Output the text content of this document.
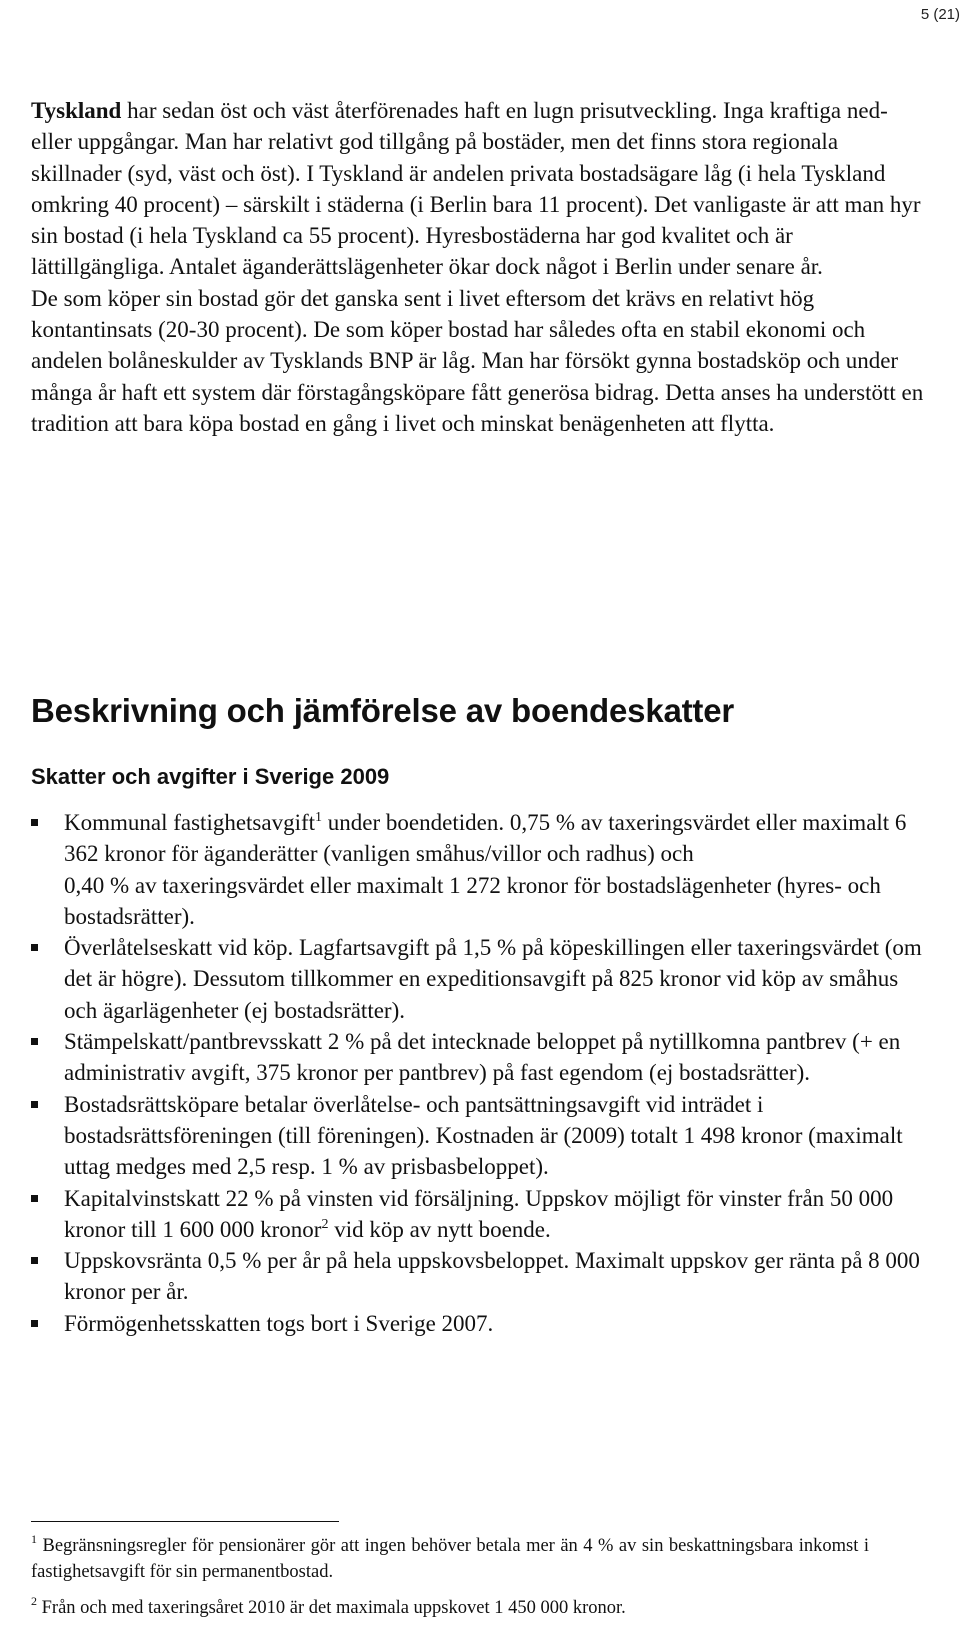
5 (21)

Tyskland har sedan öst och väst återförenades haft en lugn prisutveckling. Inga kraftiga ned- eller uppgångar. Man har relativt god tillgång på bostäder, men det finns stora regionala skillnader (syd, väst och öst). I Tyskland är andelen privata bostadsägare låg (i hela Tyskland omkring 40 procent) – särskilt i städerna (i Berlin bara 11 procent). Det vanligaste är att man hyr sin bostad (i hela Tyskland ca 55 procent). Hyresbostäderna har god kvalitet och är lättillgängliga. Antalet äganderättslägenheter ökar dock något i Berlin under senare år.

De som köper sin bostad gör det ganska sent i livet eftersom det krävs en relativt hög kontantinsats (20-30 procent). De som köper bostad har således ofta en stabil ekonomi och andelen bolåneskulder av Tysklands BNP är låg. Man har försökt gynna bostadsköp och under många år haft ett system där förstagångsköpare fått generösa bidrag. Detta anses ha understött en tradition att bara köpa bostad en gång i livet och minskat benägenheten att flytta.

Beskrivning och jämförelse av boendeskatter
Skatter och avgifter i Sverige 2009
Kommunal fastighetsavgift$^1$ under boendetiden. 0,75 % av taxeringsvärdet eller maximalt 6 362 kronor för äganderätter (vanligen småhus/villor och radhus) och
0,40 % av taxeringsvärdet eller maximalt 1 272 kronor för bostadslägenheter (hyres- och bostadsrätter).
Överlåtelseskatt vid köp. Lagfartsavgift på 1,5 % på köpeskillingen eller taxeringsvärdet (om det är högre). Dessutom tillkommer en expeditionsavgift på 825 kronor vid köp av småhus och ägarlägenheter (ej bostadsrätter).
Stämpelskatt/pantbrevsskatt 2 % på det intecknade beloppet på nytillkomna pantbrev (+ en administrativ avgift, 375 kronor per pantbrev) på fast egendom (ej bostadsrätter).
Bostadsrättsköpare betalar överlåtelse- och pantsättningsavgift vid inträdet i bostadsrättsföreningen (till föreningen). Kostnaden är (2009) totalt 1 498 kronor (maximalt uttag medges med 2,5 resp. 1 % av prisbasbeloppet).
Kapitalvinstskatt 22 % på vinsten vid försäljning. Uppskov möjligt för vinster från 50 000 kronor till 1 600 000 kronor$^2$ vid köp av nytt boende.
Uppskovsränta 0,5 % per år på hela uppskovsbeloppet. Maximalt uppskov ger ränta på 8 000 kronor per år.
Förmögenhetsskatten togs bort i Sverige 2007.

$^1$ Begränsningsregler för pensionärer gör att ingen behöver betala mer än 4 % av sin beskattningsbara inkomst i fastighetsavgift för sin permanentbostad.

$^2$ Från och med taxeringsåret 2010 är det maximala uppskovet 1 450 000 kronor.
